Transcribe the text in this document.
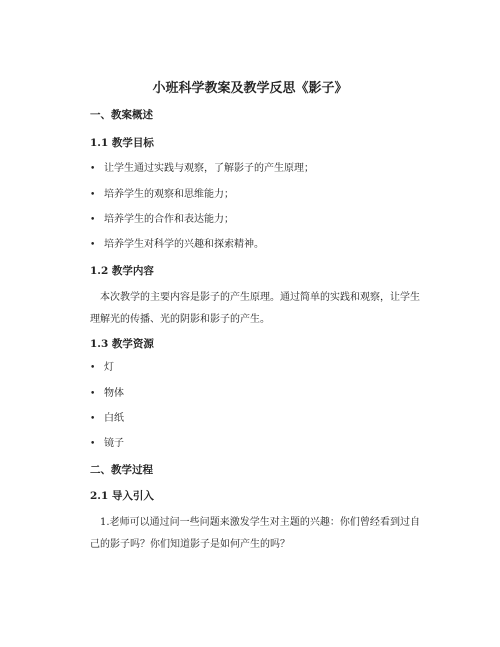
小班科学教案及教学反思《影子》
一、教案概述
1.1 教学目标
• 让学生通过实践与观察，了解影子的产生原理；
• 培养学生的观察和思维能力；
• 培养学生的合作和表达能力；
• 培养学生对科学的兴趣和探索精神。
1.2 教学内容
本次教学的主要内容是影子的产生原理。通过简单的实践和观察，让学生理解光的传播、光的阴影和影子的产生。
1.3 教学资源
• 灯
• 物体
• 白纸
• 镜子
二、教学过程
2.1 导入引入
1.老师可以通过问一些问题来激发学生对主题的兴趣：你们曾经看到过自己的影子吗？你们知道影子是如何产生的吗？
